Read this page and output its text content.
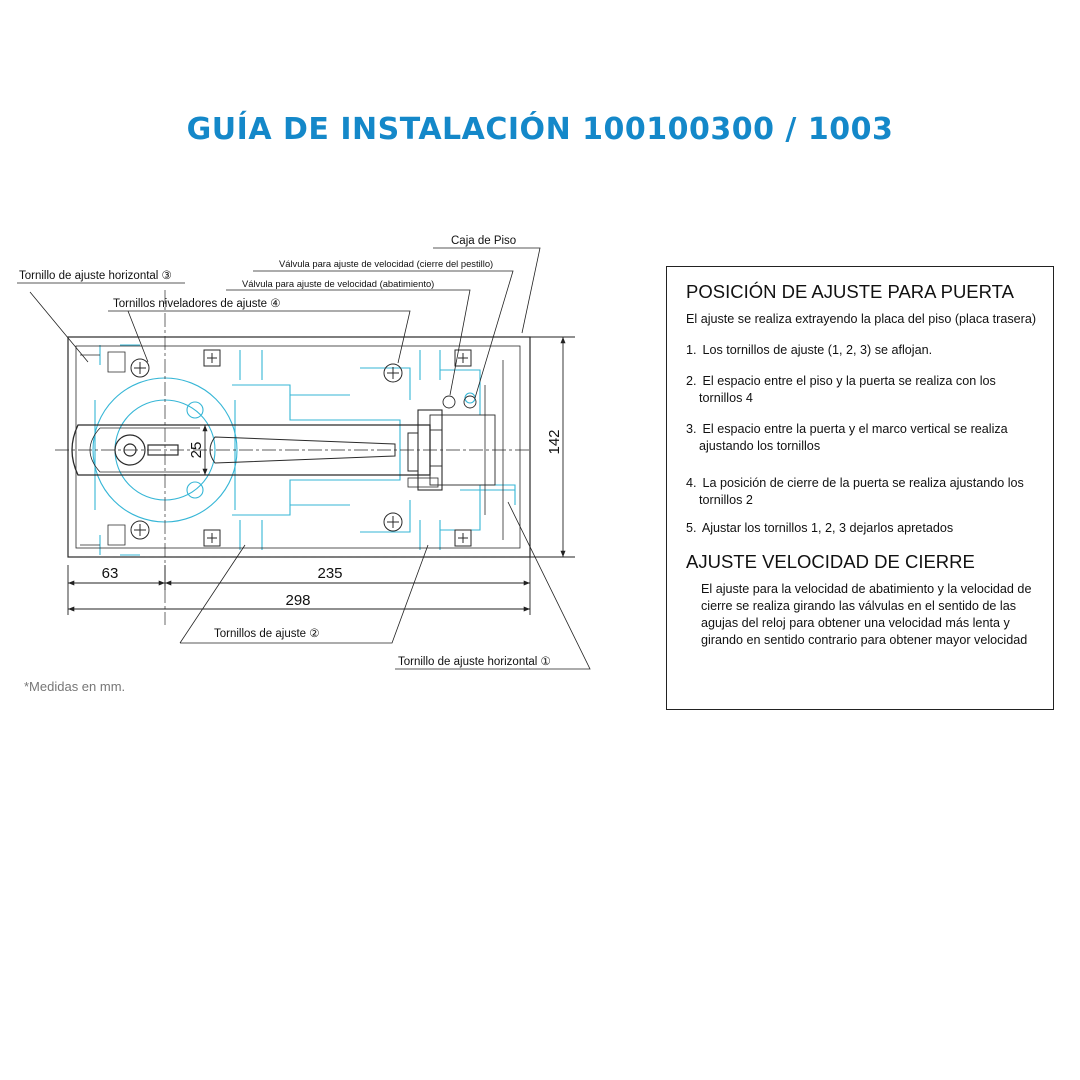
GUÍA DE INSTALACIÓN 100100300 / 1003
63	235
298
25	142
Caja de Piso
Válvula para ajuste de velocidad (cierre del pestillo)
Válvula para ajuste de velocidad (abatimiento)
Tornillo de ajuste horizontal ③
Tornillos niveladores de ajuste ④
Tornillos de ajuste ②
Tornillo de ajuste horizontal ①
*Medidas en mm.
POSICIÓN DE AJUSTE PARA PUERTA

El ajuste se realiza extrayendo la placa del piso (placa trasera)

1. Los tornillos de ajuste (1, 2, 3) se aflojan.
2. El espacio entre el piso y la puerta se realiza con los tornillos 4
3. El espacio entre la puerta y el marco vertical se realiza ajustando los tornillos
4. La posición de cierre de la puerta se realiza ajustando los tornillos 2
5. Ajustar los tornillos 1, 2, 3 dejarlos apretados
AJUSTE VELOCIDAD DE CIERRE

El ajuste para la velocidad de abatimiento y la velocidad de cierre se realiza girando las válvulas en el sentido de las agujas del reloj para obtener una velocidad más lenta y girando en sentido contrario para obtener mayor velocidad
